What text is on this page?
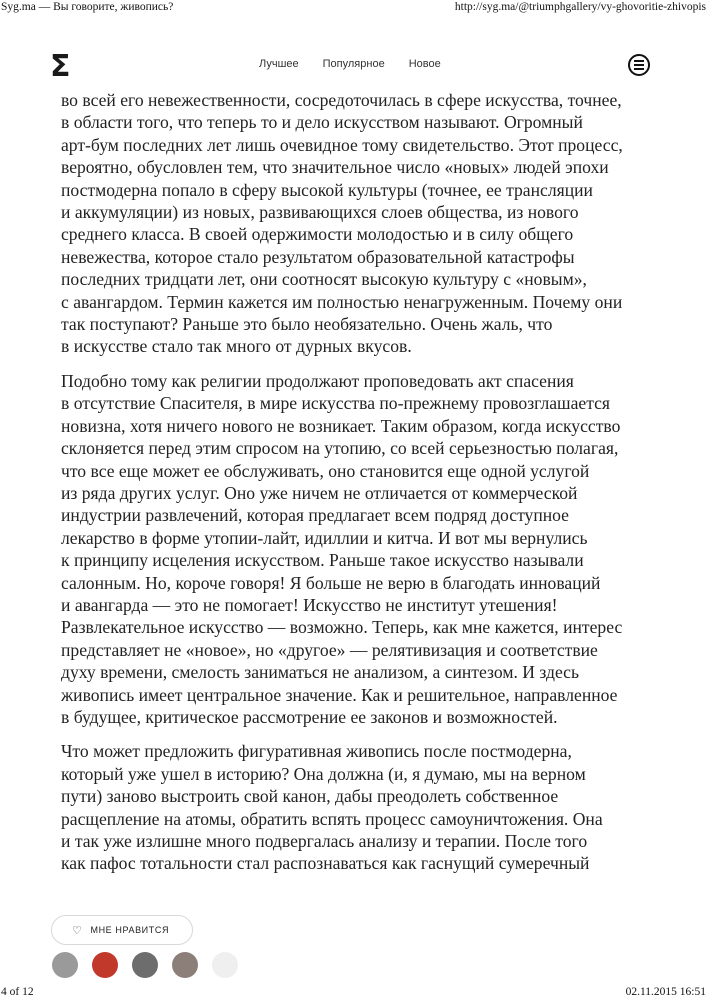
Syg.ma — Вы говорите, живопись?	http://syg.ma/@triumphgallery/vy-ghovoritie-zhivopis
Σ	Лучшее Популярное Новое

во всей его невежественности, сосредоточилась в сфере искусства, точнее,
в области того, что теперь то и дело искусством называют. Огромный
арт-бум последних лет лишь очевидное тому свидетельство. Этот процесс,
вероятно, обусловлен тем, что значительное число «новых» людей эпохи
постмодерна попало в сферу высокой культуры (точнее, ее трансляции
и аккумуляции) из новых, развивающихся слоев общества, из нового
среднего класса. В своей одержимости молодостью и в силу общего
невежества, которое стало результатом образовательной катастрофы
последних тридцати лет, они соотносят высокую культуру с «новым»,
с авангардом. Термин кажется им полностью ненагруженным. Почему они
так поступают? Раньше это было необязательно. Очень жаль, что
в искусстве стало так много от дурных вкусов.

Подобно тому как религии продолжают проповедовать акт спасения
в отсутствие Спасителя, в мире искусства по-прежнему провозглашается
новизна, хотя ничего нового не возникает. Таким образом, когда искусство
склоняется перед этим спросом на утопию, со всей серьезностью полагая,
что все еще может ее обслуживать, оно становится еще одной услугой
из ряда других услуг. Оно уже ничем не отличается от коммерческой
индустрии развлечений, которая предлагает всем подряд доступное
лекарство в форме утопии-лайт, идиллии и китча. И вот мы вернулись
к принципу исцеления искусством. Раньше такое искусство называли
салонным. Но, короче говоря! Я больше не верю в благодать инноваций
и авангарда — это не помогает! Искусство не институт утешения!
Развлекательное искусство — возможно. Теперь, как мне кажется, интерес
представляет не «новое», но «другое» — релятивизация и соответствие
духу времени, смелость заниматься не анализом, а синтезом. И здесь
живопись имеет центральное значение. Как и решительное, направленное
в будущее, критическое рассмотрение ее законов и возможностей.

Что может предложить фигуративная живопись после постмодерна,
который уже ушел в историю? Она должна (и, я думаю, мы на верном
пути) заново выстроить свой канон, дабы преодолеть собственное
расщепление на атомы, обратить вспять процесс самоуничтожения. Она
и так уже излишне много подвергалась анализу и терапии. После того
как пафос тотальности стал распознаваться как гаснущий сумеречный

♡ МНЕ НРАВИТСЯ
4 of 12	02.11.2015 16:51
